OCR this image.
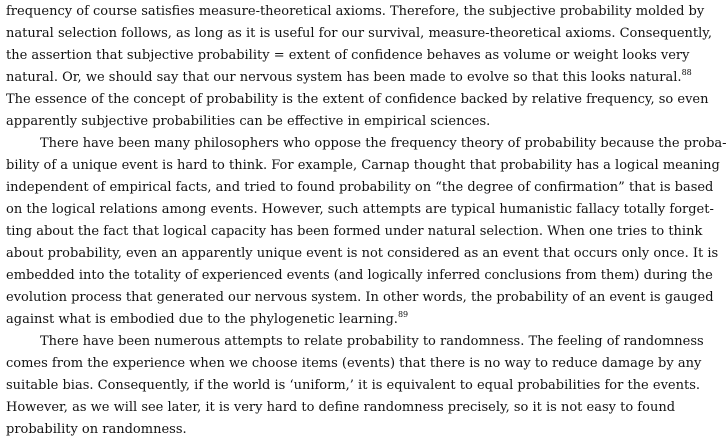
frequency of course satisfies measure-theoretical axioms. Therefore, the subjective probability molded by
natural selection follows, as long as it is useful for our survival, measure-theoretical axioms. Consequently,
the assertion that subjective probability = extent of confidence behaves as volume or weight looks very
natural. Or, we should say that our nervous system has been made to evolve so that this looks natural.$^{88}$
The essence of the concept of probability is the extent of confidence backed by relative frequency, so even
apparently subjective probabilities can be effective in empirical sciences.
There have been many philosophers who oppose the frequency theory of probability because the proba-
bility of a unique event is hard to think. For example, Carnap thought that probability has a logical meaning
independent of empirical facts, and tried to found probability on “the degree of confirmation” that is based
on the logical relations among events. However, such attempts are typical humanistic fallacy totally forget-
ting about the fact that logical capacity has been formed under natural selection. When one tries to think
about probability, even an apparently unique event is not considered as an event that occurs only once. It is
embedded into the totality of experienced events (and logically inferred conclusions from them) during the
evolution process that generated our nervous system. In other words, the probability of an event is gauged
against what is embodied due to the phylogenetic learning.$^{89}$
There have been numerous attempts to relate probability to randomness. The feeling of randomness
comes from the experience when we choose items (events) that there is no way to reduce damage by any
suitable bias. Consequently, if the world is ‘uniform,’ it is equivalent to equal probabilities for the events.
However, as we will see later, it is very hard to define randomness precisely, so it is not easy to found
probability on randomness.
